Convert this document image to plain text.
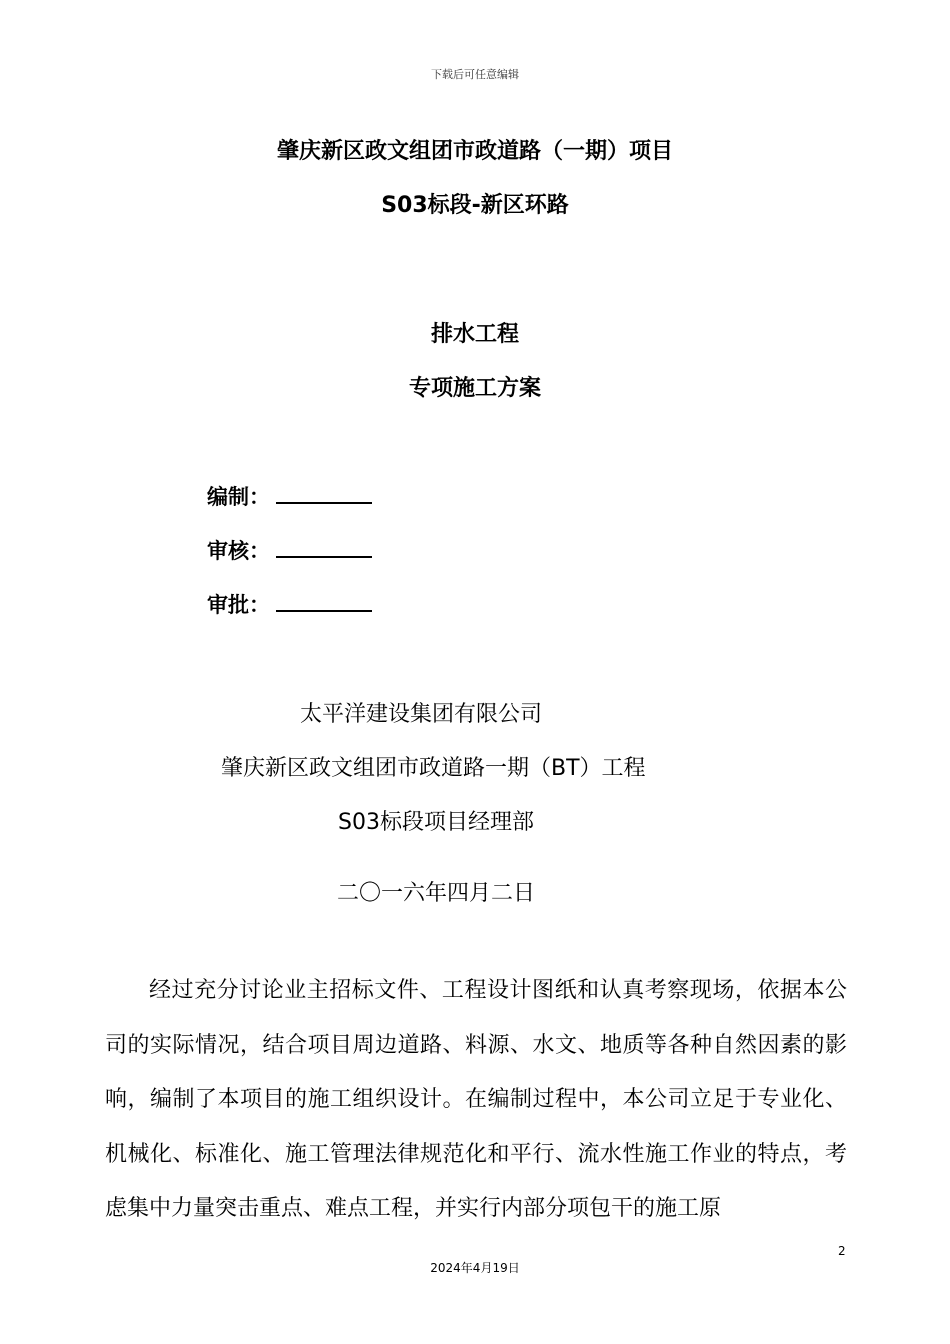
下载后可任意编辑
肇庆新区政文组团市政道路（一期）项目
S03标段-新区环路
排水工程
专项施工方案
编制：
审核：
审批：
太平洋建设集团有限公司
肇庆新区政文组团市政道路一期（BT）工程
S03标段项目经理部
二〇一六年四月二日
经过充分讨论业主招标文件、工程设计图纸和认真考察现场，依据本公司的实际情况，结合项目周边道路、料源、水文、地质等各种自然因素的影响，编制了本项目的施工组织设计。在编制过程中，本公司立足于专业化、机械化、标准化、施工管理法律规范化和平行、流水性施工作业的特点，考虑集中力量突击重点、难点工程，并实行内部分项包干的施工原
2
2024年4月19日
